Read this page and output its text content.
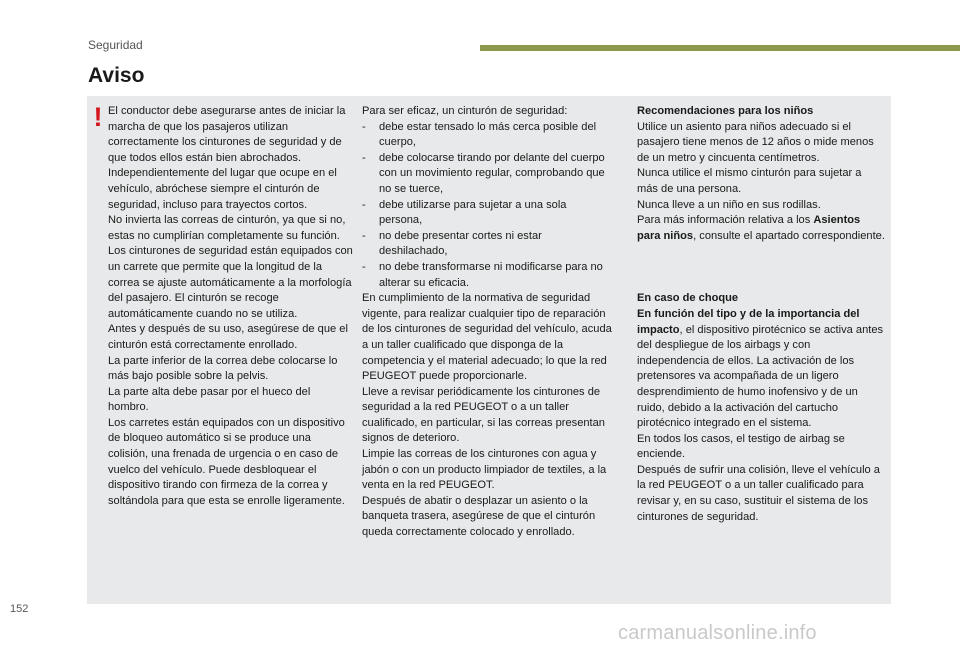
Seguridad
Aviso
! El conductor debe asegurarse antes de iniciar la marcha de que los pasajeros utilizan correctamente los cinturones de seguridad y de que todos ellos están bien abrochados.

Independientemente del lugar que ocupe en el vehículo, abróchese siempre el cinturón de seguridad, incluso para trayectos cortos.

No invierta las correas de cinturón, ya que si no, estas no cumplirían completamente su función.

Los cinturones de seguridad están equipados con un carrete que permite que la longitud de la correa se ajuste automáticamente a la morfología del pasajero. El cinturón se recoge automáticamente cuando no se utiliza.

Antes y después de su uso, asegúrese de que el cinturón está correctamente enrollado.

La parte inferior de la correa debe colocarse lo más bajo posible sobre la pelvis.

La parte alta debe pasar por el hueco del hombro.

Los carretes están equipados con un dispositivo de bloqueo automático si se produce una colisión, una frenada de urgencia o en caso de vuelco del vehículo. Puede desbloquear el dispositivo tirando con firmeza de la correa y soltándola para que esta se enrolle ligeramente.

Para ser eficaz, un cinturón de seguridad:

-	debe estar tensado lo más cerca posible del cuerpo,
-	debe colocarse tirando por delante del cuerpo con un movimiento regular, comprobando que no se tuerce,
-	debe utilizarse para sujetar a una sola persona,
-	no debe presentar cortes ni estar deshilachado,
-	no debe transformarse ni modificarse para no alterar su eficacia.

En cumplimiento de la normativa de seguridad vigente, para realizar cualquier tipo de reparación de los cinturones de seguridad del vehículo, acuda a un taller cualificado que disponga de la competencia y el material adecuado; lo que la red PEUGEOT puede proporcionarle.

Lleve a revisar periódicamente los cinturones de seguridad a la red PEUGEOT o a un taller cualificado, en particular, si las correas presentan signos de deterioro.

Limpie las correas de los cinturones con agua y jabón o con un producto limpiador de textiles, a la venta en la red PEUGEOT.

Después de abatir o desplazar un asiento o la banqueta trasera, asegúrese de que el cinturón queda correctamente colocado y enrollado.

Recomendaciones para los niños

Utilice un asiento para niños adecuado si el pasajero tiene menos de 12 años o mide menos de un metro y cincuenta centímetros.

Nunca utilice el mismo cinturón para sujetar a más de una persona.

Nunca lleve a un niño en sus rodillas.

Para más información relativa a los Asientos para niños, consulte el apartado correspondiente.

En caso de choque

En función del tipo y de la importancia del impacto, el dispositivo pirotécnico se activa antes del despliegue de los airbags y con independencia de ellos. La activación de los pretensores va acompañada de un ligero desprendimiento de humo inofensivo y de un ruido, debido a la activación del cartucho pirotécnico integrado en el sistema.

En todos los casos, el testigo de airbag se enciende.

Después de sufrir una colisión, lleve el vehículo a la red PEUGEOT o a un taller cualificado para revisar y, en su caso, sustituir el sistema de los cinturones de seguridad.

152
carmanualsonline.info
